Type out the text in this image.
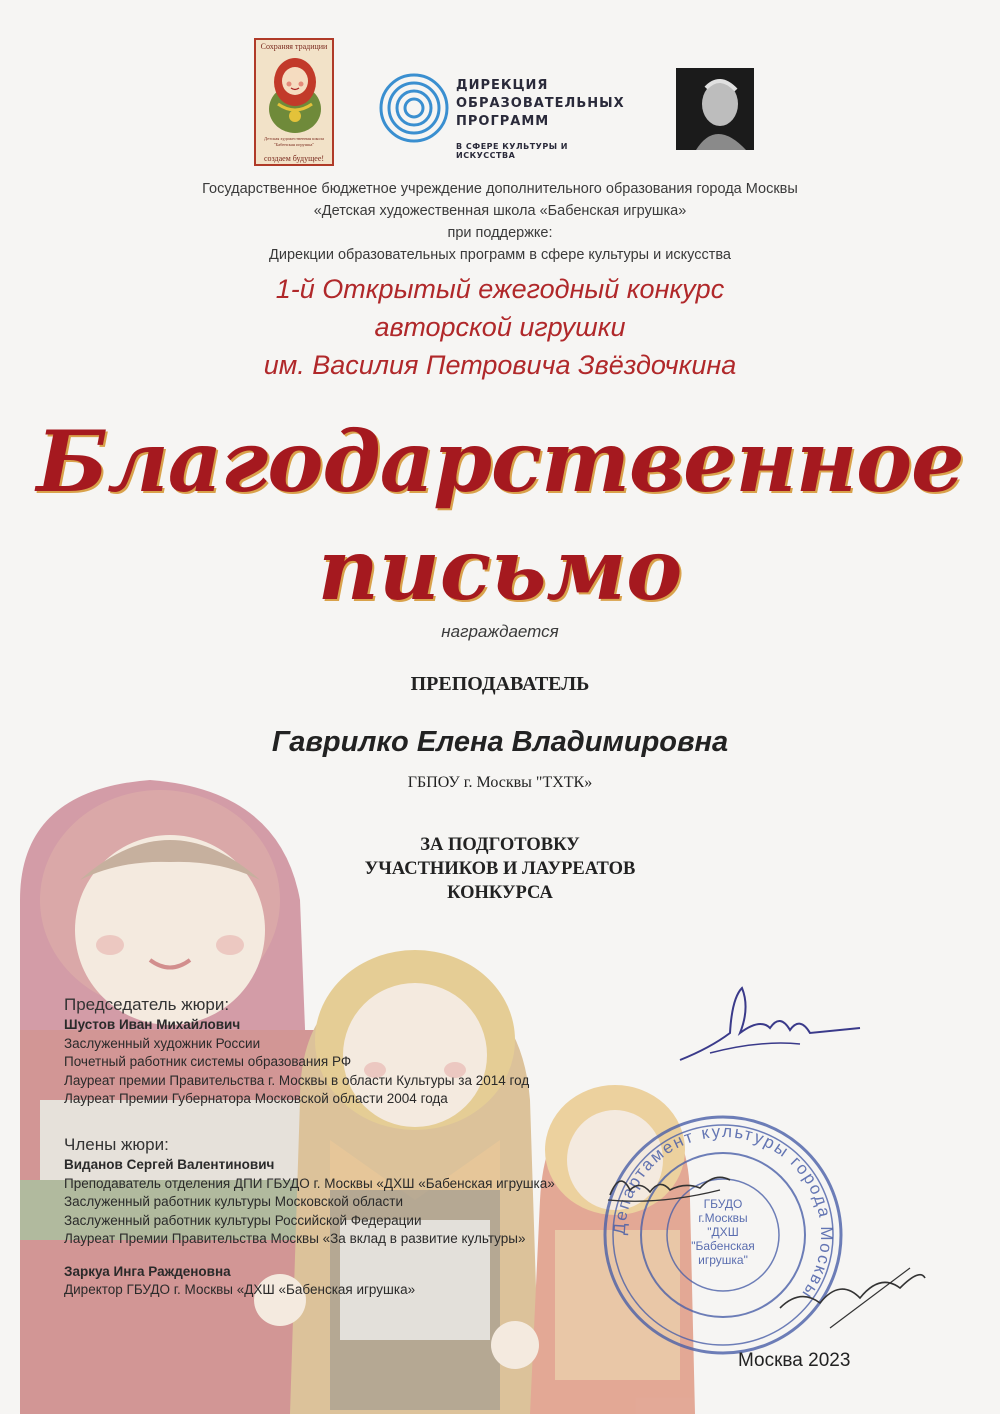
Сохраняя традиции
Детская художественная школа "Бабенская игрушка"
создаем будущее!
ДИРЕКЦИЯ
ОБРАЗОВАТЕЛЬНЫХ
ПРОГРАММ
В СФЕРЕ КУЛЬТУРЫ И ИСКУССТВА
Государственное бюджетное учреждение дополнительного образования города Москвы
«Детская художественная школа «Бабенская игрушка»
при поддержке:
Дирекции образовательных программ в сфере культуры и искусства
1-й Открытый ежегодный конкурс
авторской игрушки
им. Василия Петровича Звёздочкина
Благодарственное
письмо
награждается
ПРЕПОДАВАТЕЛЬ
Гаврилко Елена Владимировна
ГБПОУ г. Москвы "ТХТК»
ЗА ПОДГОТОВКУ
УЧАСТНИКОВ И ЛАУРЕАТОВ
КОНКУРСА
Председатель жюри:
Шустов Иван Михайлович
Заслуженный художник России
Почетный работник системы образования РФ
Лауреат премии Правительства г. Москвы в области Культуры за 2014 год
Лауреат Премии Губернатора Московской области 2004 года
Члены жюри:
Виданов Сергей Валентинович
Преподаватель отделения ДПИ ГБУДО г. Москвы «ДХШ «Бабенская игрушка»
Заслуженный работник культуры Московской области
Заслуженный работник культуры Российской Федерации
Лауреат Премии Правительства Москвы «За вклад в развитие культуры»
Заркуа Инга Ражденовна
Директор ГБУДО г. Москвы «ДХШ «Бабенская игрушка»
Департамент культуры города Москвы
ГБУДО
г.Москвы
"ДХШ
"Бабенская
игрушка"
Москва 2023
